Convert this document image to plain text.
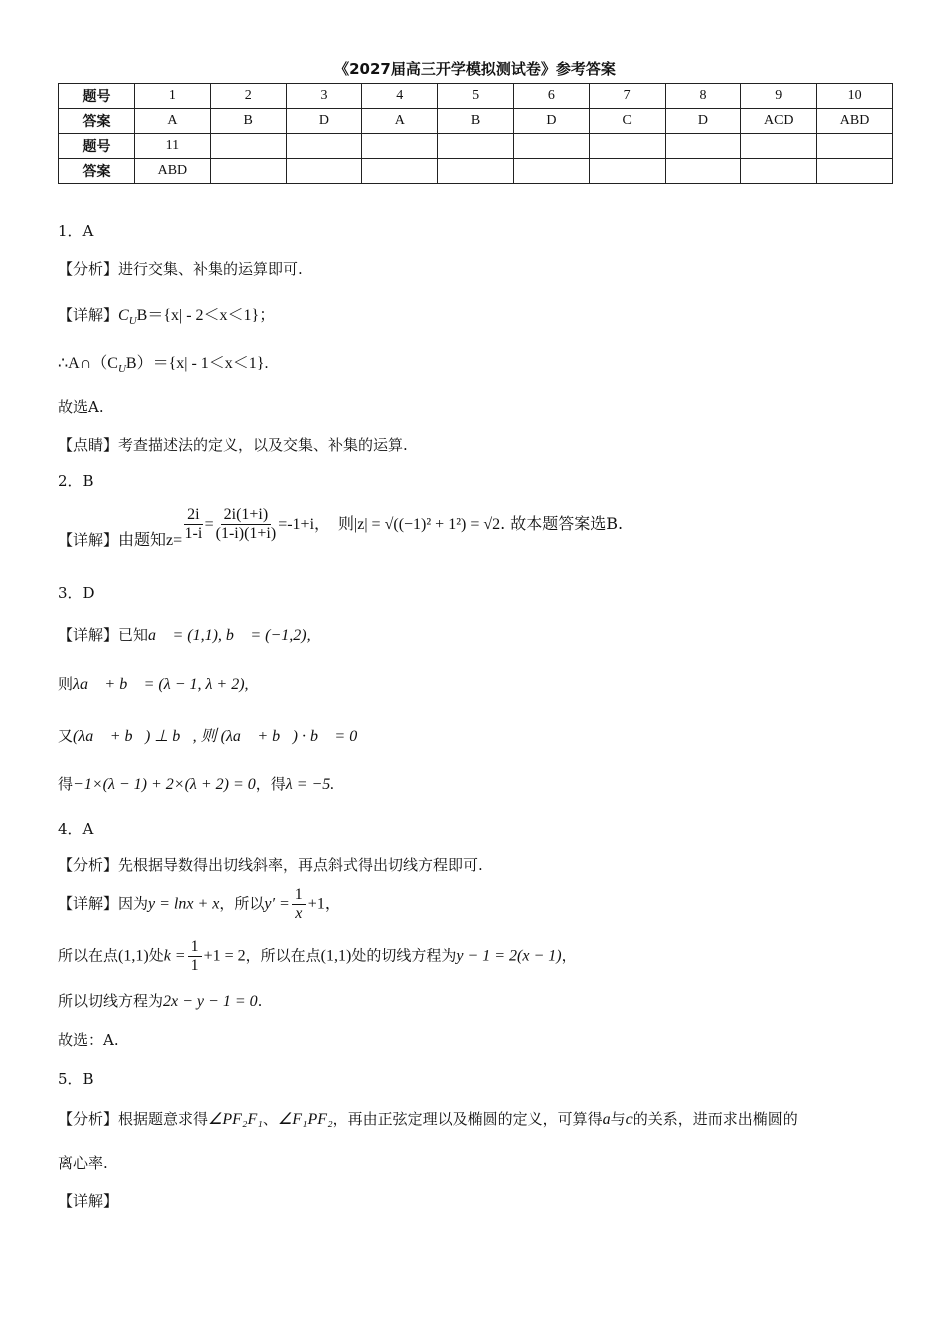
《2027届高三开学模拟测试卷》参考答案
题号	1	2	3	4	5	6	7	8	9	10
答案	A	B	D	A	B	D	C	D	ACD	ABD
题号	11									
答案	ABD									
1．A
【分析】进行交集、补集的运算即可.
【详解】$C_UB=\{x| - 2<x<1\}$；
$\therefore A\cap(C_UB)=\{x| - 1<x<1\}$.
故选A.
【点睛】考查描述法的定义，以及交集、补集的运算.
2．B
【详解】由题知$z= \frac{2i}{1-i} = \frac{2i(1+i)}{(1-i)(1+i)} =-1+i$， 则|z| = √((−1)² + 1²) = √2. 故本题答案选B.
3．D
【详解】已知a⃗ = (1,1), b⃗ = (−1,2),
则λa⃗ + b⃗ = (λ − 1, λ + 2),
又(λa⃗ + b⃗) ⊥ b⃗, 则 (λa⃗ + b⃗) · b⃗ = 0，
得−1×(λ − 1) + 2×(λ + 2) = 0，得λ = −5.
4．A
【分析】先根据导数得出切线斜率，再点斜式得出切线方程即可.
【详解】因为y = lnx + x，所以$y' = \frac{1}{x} +1$，
所以在点(1,1)处$k = \frac{1}{1} +1 = 2$，所以在点(1,1)处的切线方程为y − 1 = 2(x − 1)，
所以切线方程为2x − y − 1 = 0.
故选：A.
5．B
【分析】根据题意求得∠PF₂F₁、∠F₁PF₂，再由正弦定理以及椭圆的定义，可算得a与c的关系，进而求出椭圆的
离心率.
【详解】
